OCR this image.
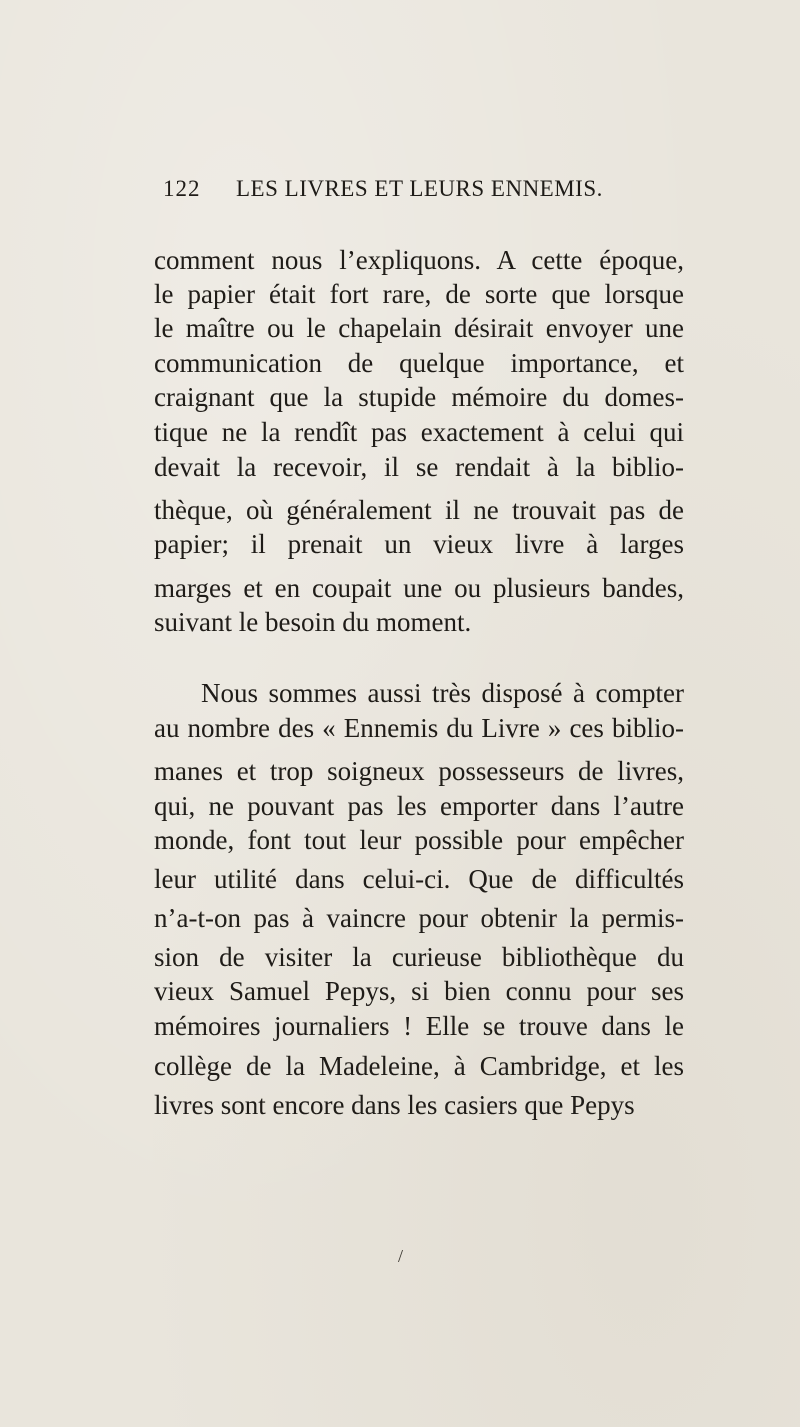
122 LES LIVRES ET LEURS ENNEMIS.
comment nous l’expliquons. A cette époque,
le papier était fort rare, de sorte que lorsque
le maître ou le chapelain désirait envoyer une
communication de quelque importance, et
craignant que la stupide mémoire du domes-
tique ne la rendît pas exactement à celui qui
devait la recevoir, il se rendait à la biblio-
thèque, où généralement il ne trouvait pas de
papier; il prenait un vieux livre à larges
marges et en coupait une ou plusieurs bandes,
suivant le besoin du moment.
Nous sommes aussi très disposé à compter
au nombre des « Ennemis du Livre » ces biblio-
manes et trop soigneux possesseurs de livres,
qui, ne pouvant pas les emporter dans l’autre
monde, font tout leur possible pour empêcher
leur utilité dans celui-ci. Que de difficultés
n’a-t-on pas à vaincre pour obtenir la permis-
sion de visiter la curieuse bibliothèque du
vieux Samuel Pepys, si bien connu pour ses
mémoires journaliers ! Elle se trouve dans le
collège de la Madeleine, à Cambridge, et les
livres sont encore dans les casiers que Pepys
/
